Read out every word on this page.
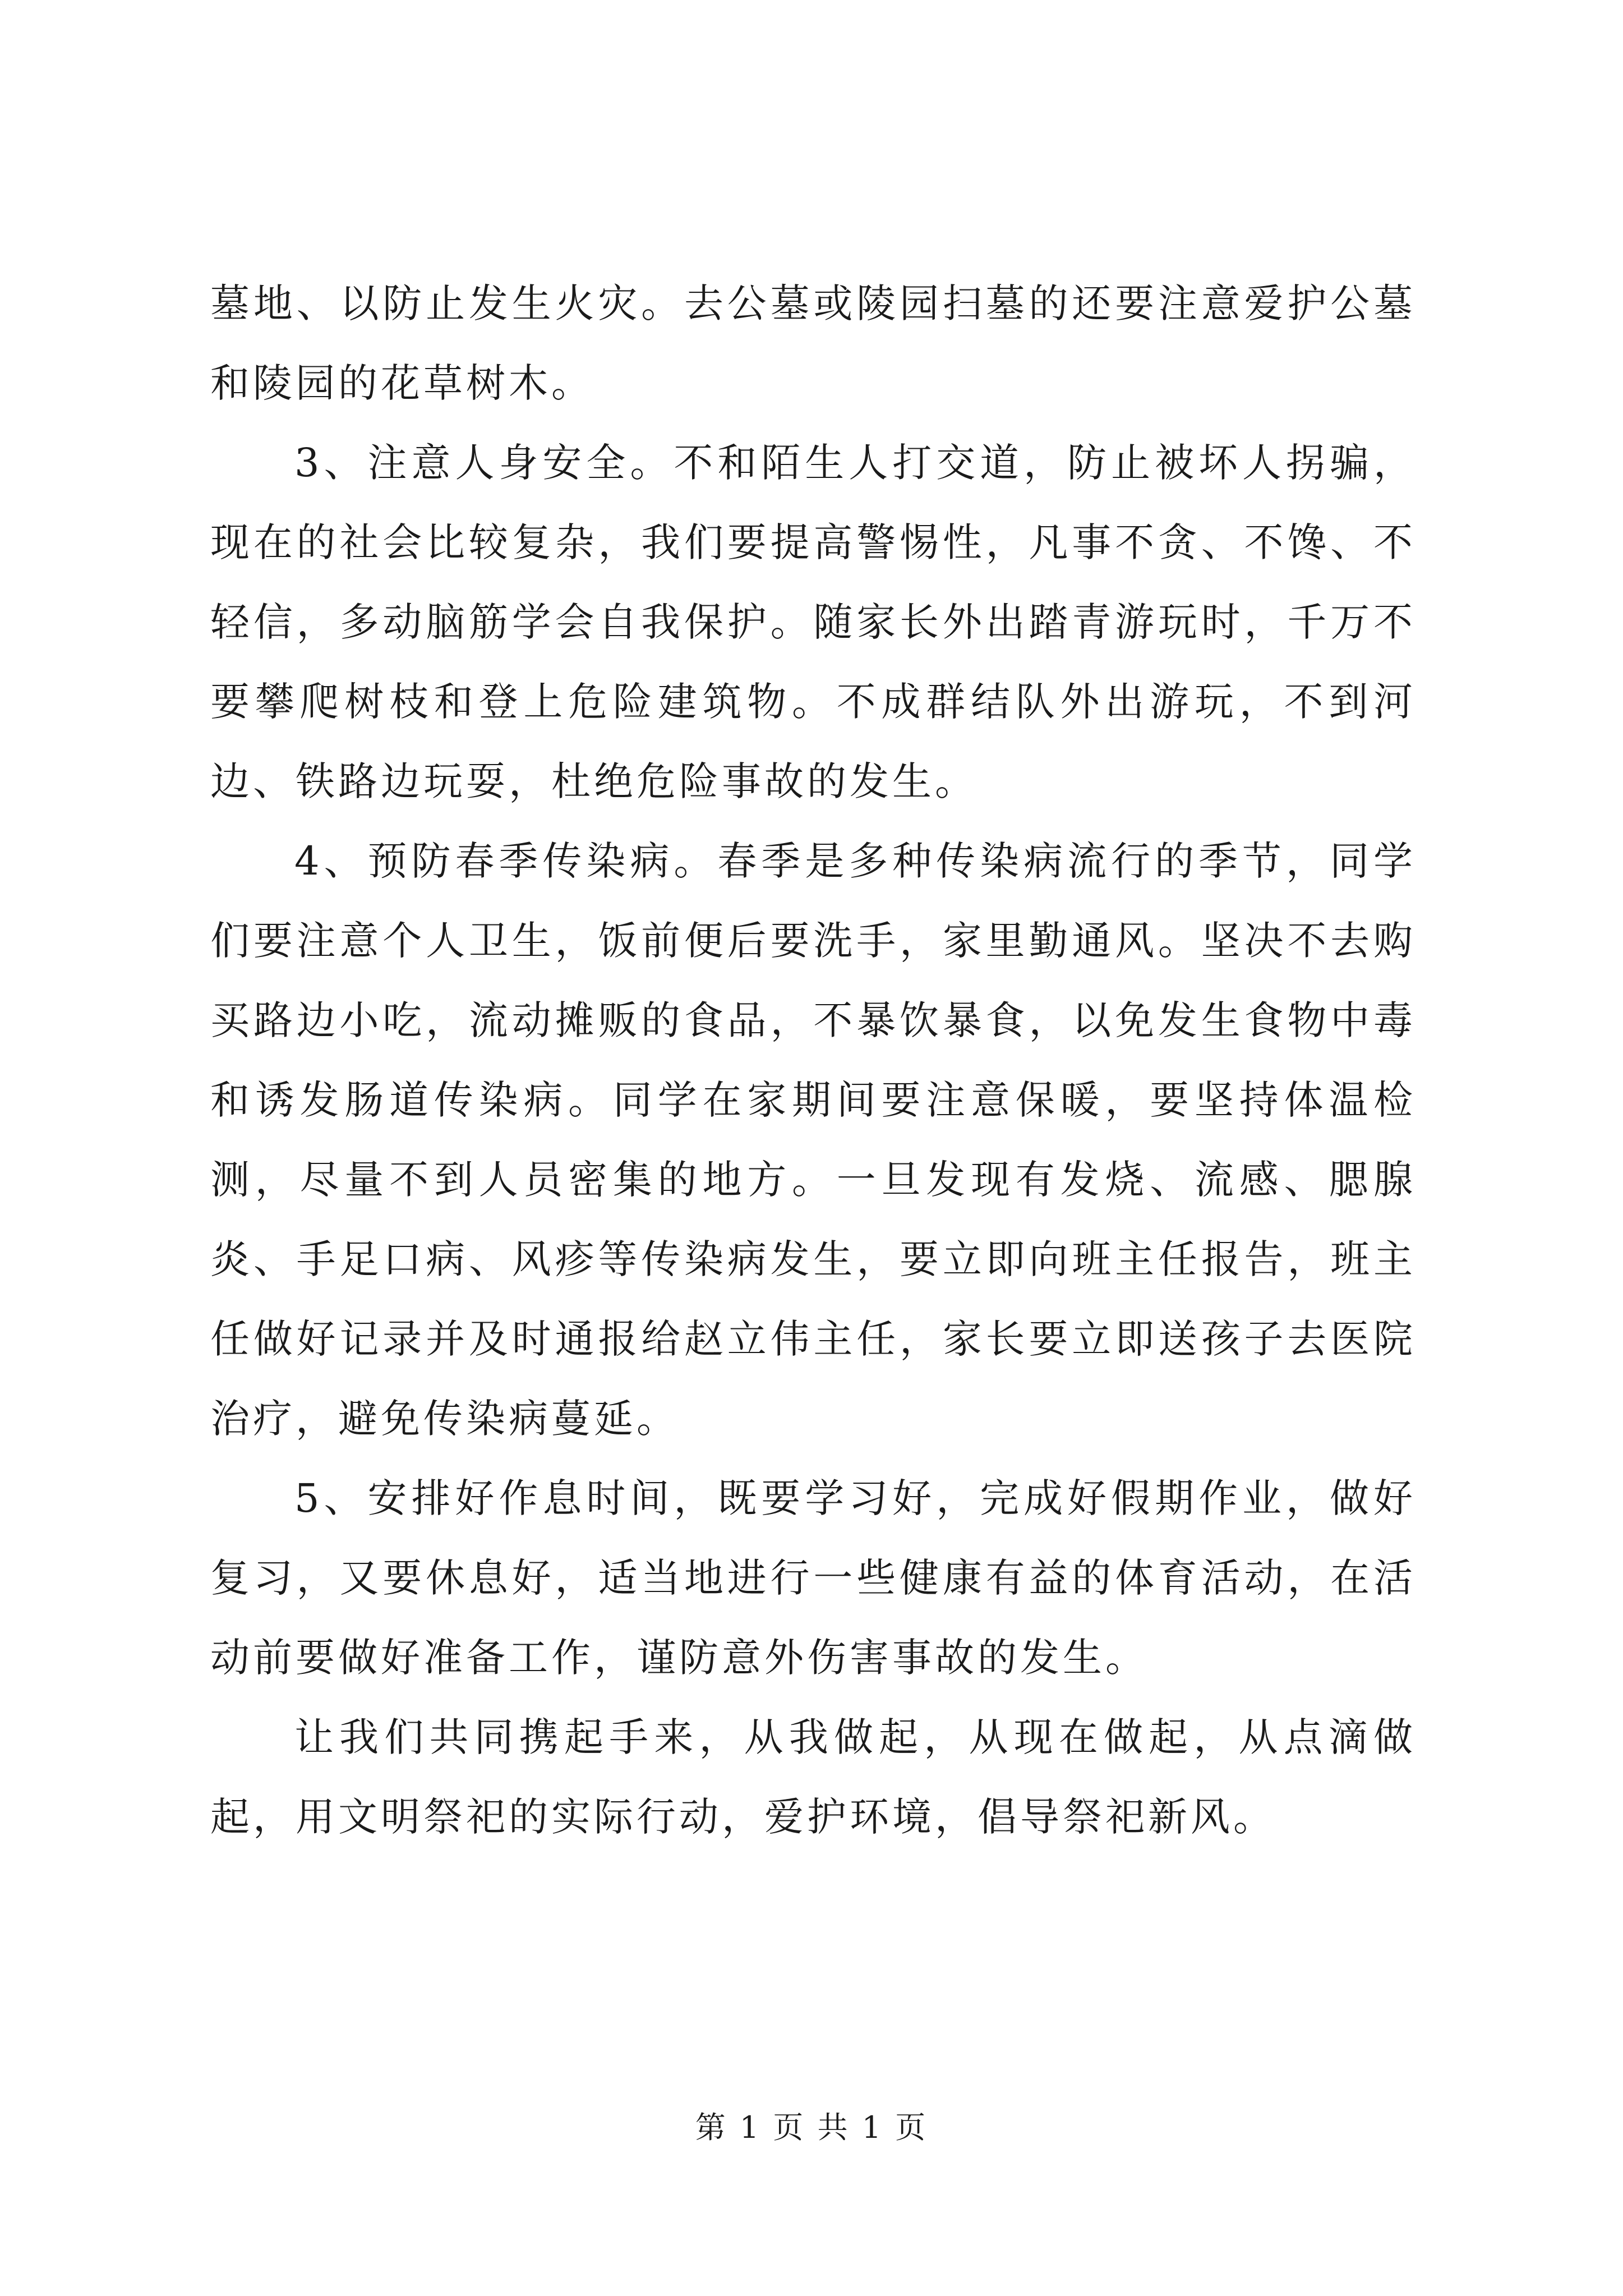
墓地、以防止发生火灾。去公墓或陵园扫墓的还要注意爱护公墓和陵园的花草树木。

3、注意人身安全。不和陌生人打交道，防止被坏人拐骗，现在的社会比较复杂，我们要提高警惕性，凡事不贪、不馋、不轻信，多动脑筋学会自我保护。随家长外出踏青游玩时，千万不要攀爬树枝和登上危险建筑物。不成群结队外出游玩，不到河边、铁路边玩耍，杜绝危险事故的发生。

4、预防春季传染病。春季是多种传染病流行的季节，同学们要注意个人卫生，饭前便后要洗手，家里勤通风。坚决不去购买路边小吃，流动摊贩的食品，不暴饮暴食，以免发生食物中毒和诱发肠道传染病。同学在家期间要注意保暖，要坚持体温检测，尽量不到人员密集的地方。一旦发现有发烧、流感、腮腺炎、手足口病、风疹等传染病发生，要立即向班主任报告，班主任做好记录并及时通报给赵立伟主任，家长要立即送孩子去医院治疗，避免传染病蔓延。

5、安排好作息时间，既要学习好，完成好假期作业，做好复习，又要休息好，适当地进行一些健康有益的体育活动，在活动前要做好准备工作，谨防意外伤害事故的发生。

让我们共同携起手来，从我做起，从现在做起，从点滴做起，用文明祭祀的实际行动，爱护环境，倡导祭祀新风。

第 1 页 共 1 页
